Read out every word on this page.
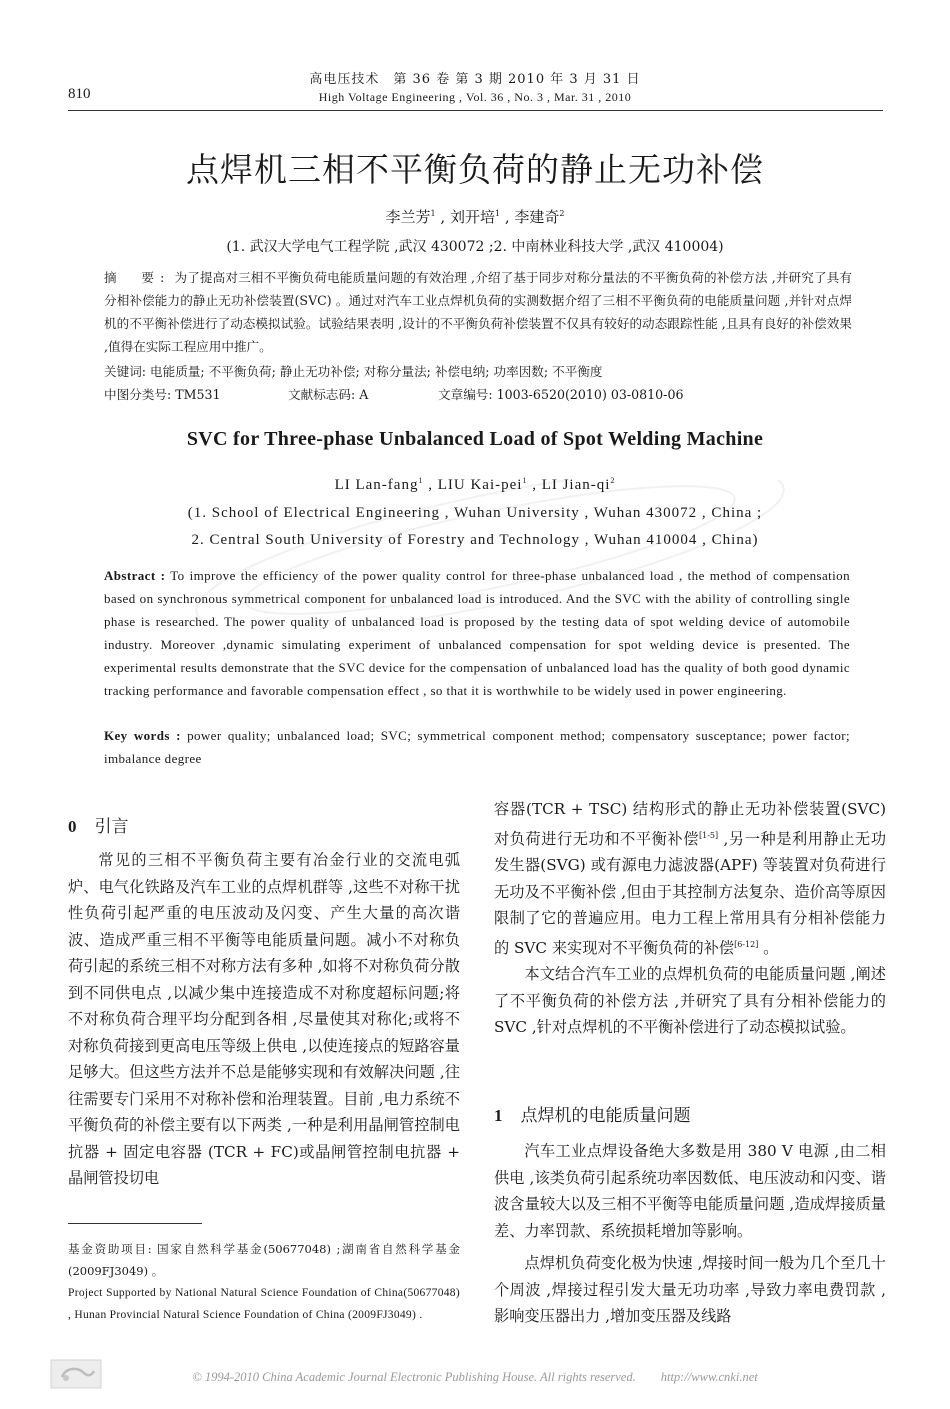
810
高电压技术　第 36 卷 第 3 期 2010 年 3 月 31 日
High Voltage Engineering , Vol. 36 , No. 3 , Mar. 31 , 2010
点焊机三相不平衡负荷的静止无功补偿
李兰芳$^1$ , 刘开培$^1$ , 李建奇$^2$
(1. 武汉大学电气工程学院 ,武汉 430072 ;2. 中南林业科技大学 ,武汉 410004)
摘　要: 为了提高对三相不平衡负荷电能质量问题的有效治理 ,介绍了基于同步对称分量法的不平衡负荷的补偿方法 ,并研究了具有分相补偿能力的静止无功补偿装置(SVC) 。通过对汽车工业点焊机负荷的实测数据介绍了三相不平衡负荷的电能质量问题 ,并针对点焊机的不平衡补偿进行了动态模拟试验。试验结果表明 ,设计的不平衡负荷补偿装置不仅具有较好的动态跟踪性能 ,且具有良好的补偿效果 ,值得在实际工程应用中推广。
关键词: 电能质量; 不平衡负荷; 静止无功补偿; 对称分量法; 补偿电纳; 功率因数; 不平衡度
中图分类号: TM531	文献标志码: A	文章编号: 1003-6520(2010) 03-0810-06
SVC for Three-phase Unbalanced Load of Spot Welding Machine
LI Lan-fang$^1$ , LIU Kai-pei$^1$ , LI Jian-$qi^2$
(1. School of Electrical Engineering , Wuhan University , Wuhan 430072 , China ;
2. Central South University of Forestry and Technology , Wuhan 410004 , China)
Abstract : To improve the efficiency of the power quality control for three-phase unbalanced load , the method of compensation based on synchronous symmetrical component for unbalanced load is introduced. And the SVC with the ability of controlling single phase is researched. The power quality of unbalanced load is proposed by the testing data of spot welding device of automobile industry. Moreover ,dynamic simulating experiment of unbalanced compensation for spot welding device is presented. The experimental results demonstrate that the SVC device for the compensation of unbalanced load has the quality of both good dynamic tracking performance and favorable compensation effect , so that it is worthwhile to be widely used in power engineering.
Key words : power quality; unbalanced load; SVC; symmetrical component method; compensatory susceptance; power factor; imbalance degree
0 引言

常见的三相不平衡负荷主要有冶金行业的交流电弧炉、电气化铁路及汽车工业的点焊机群等 ,这些不对称干扰性负荷引起严重的电压波动及闪变、产生大量的高次谐波、造成严重三相不平衡等电能质量问题。减小不对称负荷引起的系统三相不对称方法有多种 ,如将不对称负荷分散到不同供电点 ,以减少集中连接造成不对称度超标问题;将不对称负荷合理平均分配到各相 ,尽量使其对称化;或将不对称负荷接到更高电压等级上供电 ,以使连接点的短路容量足够大。但这些方法并不总是能够实现和有效解决问题 ,往往需要专门采用不对称补偿和治理装置。目前 ,电力系统不平衡负荷的补偿主要有以下两类 ,一种是利用晶闸管控制电抗器 + 固定电容器 (TCR + FC)或晶闸管控制电抗器 + 晶闸管投切电

基金资助项目: 国家自然科学基金(50677048) ;湖南省自然科学基金(2009FJ3049) 。
Project Supported by National Natural Science Foundation of China(50677048) , Hunan Provincial Natural Science Foundation of China (2009FJ3049) .

容器(TCR + TSC) 结构形式的静止无功补偿装置(SVC)对负荷进行无功和不平衡补偿[1-5] ,另一种是利用静止无功发生器(SVG) 或有源电力滤波器(APF) 等装置对负荷进行无功及不平衡补偿 ,但由于其控制方法复杂、造价高等原因限制了它的普遍应用。电力工程上常用具有分相补偿能力的 SVC 来实现对不平衡负荷的补偿[6-12] 。

本文结合汽车工业的点焊机负荷的电能质量问题 ,阐述了不平衡负荷的补偿方法 ,并研究了具有分相补偿能力的 SVC ,针对点焊机的不平衡补偿进行了动态模拟试验。

1 点焊机的电能质量问题

汽车工业点焊设备绝大多数是用 380 V 电源 ,由二相供电 ,该类负荷引起系统功率因数低、电压波动和闪变、谐波含量较大以及三相不平衡等电能质量问题 ,造成焊接质量差、力率罚款、系统损耗增加等影响。

点焊机负荷变化极为快速 ,焊接时间一般为几个至几十个周波 ,焊接过程引发大量无功功率 ,导致力率电费罚款 ,影响变压器出力 ,增加变压器及线路

© 1994-2010 China Academic Journal Electronic Publishing House. All rights reserved.　　http://www.cnki.net
